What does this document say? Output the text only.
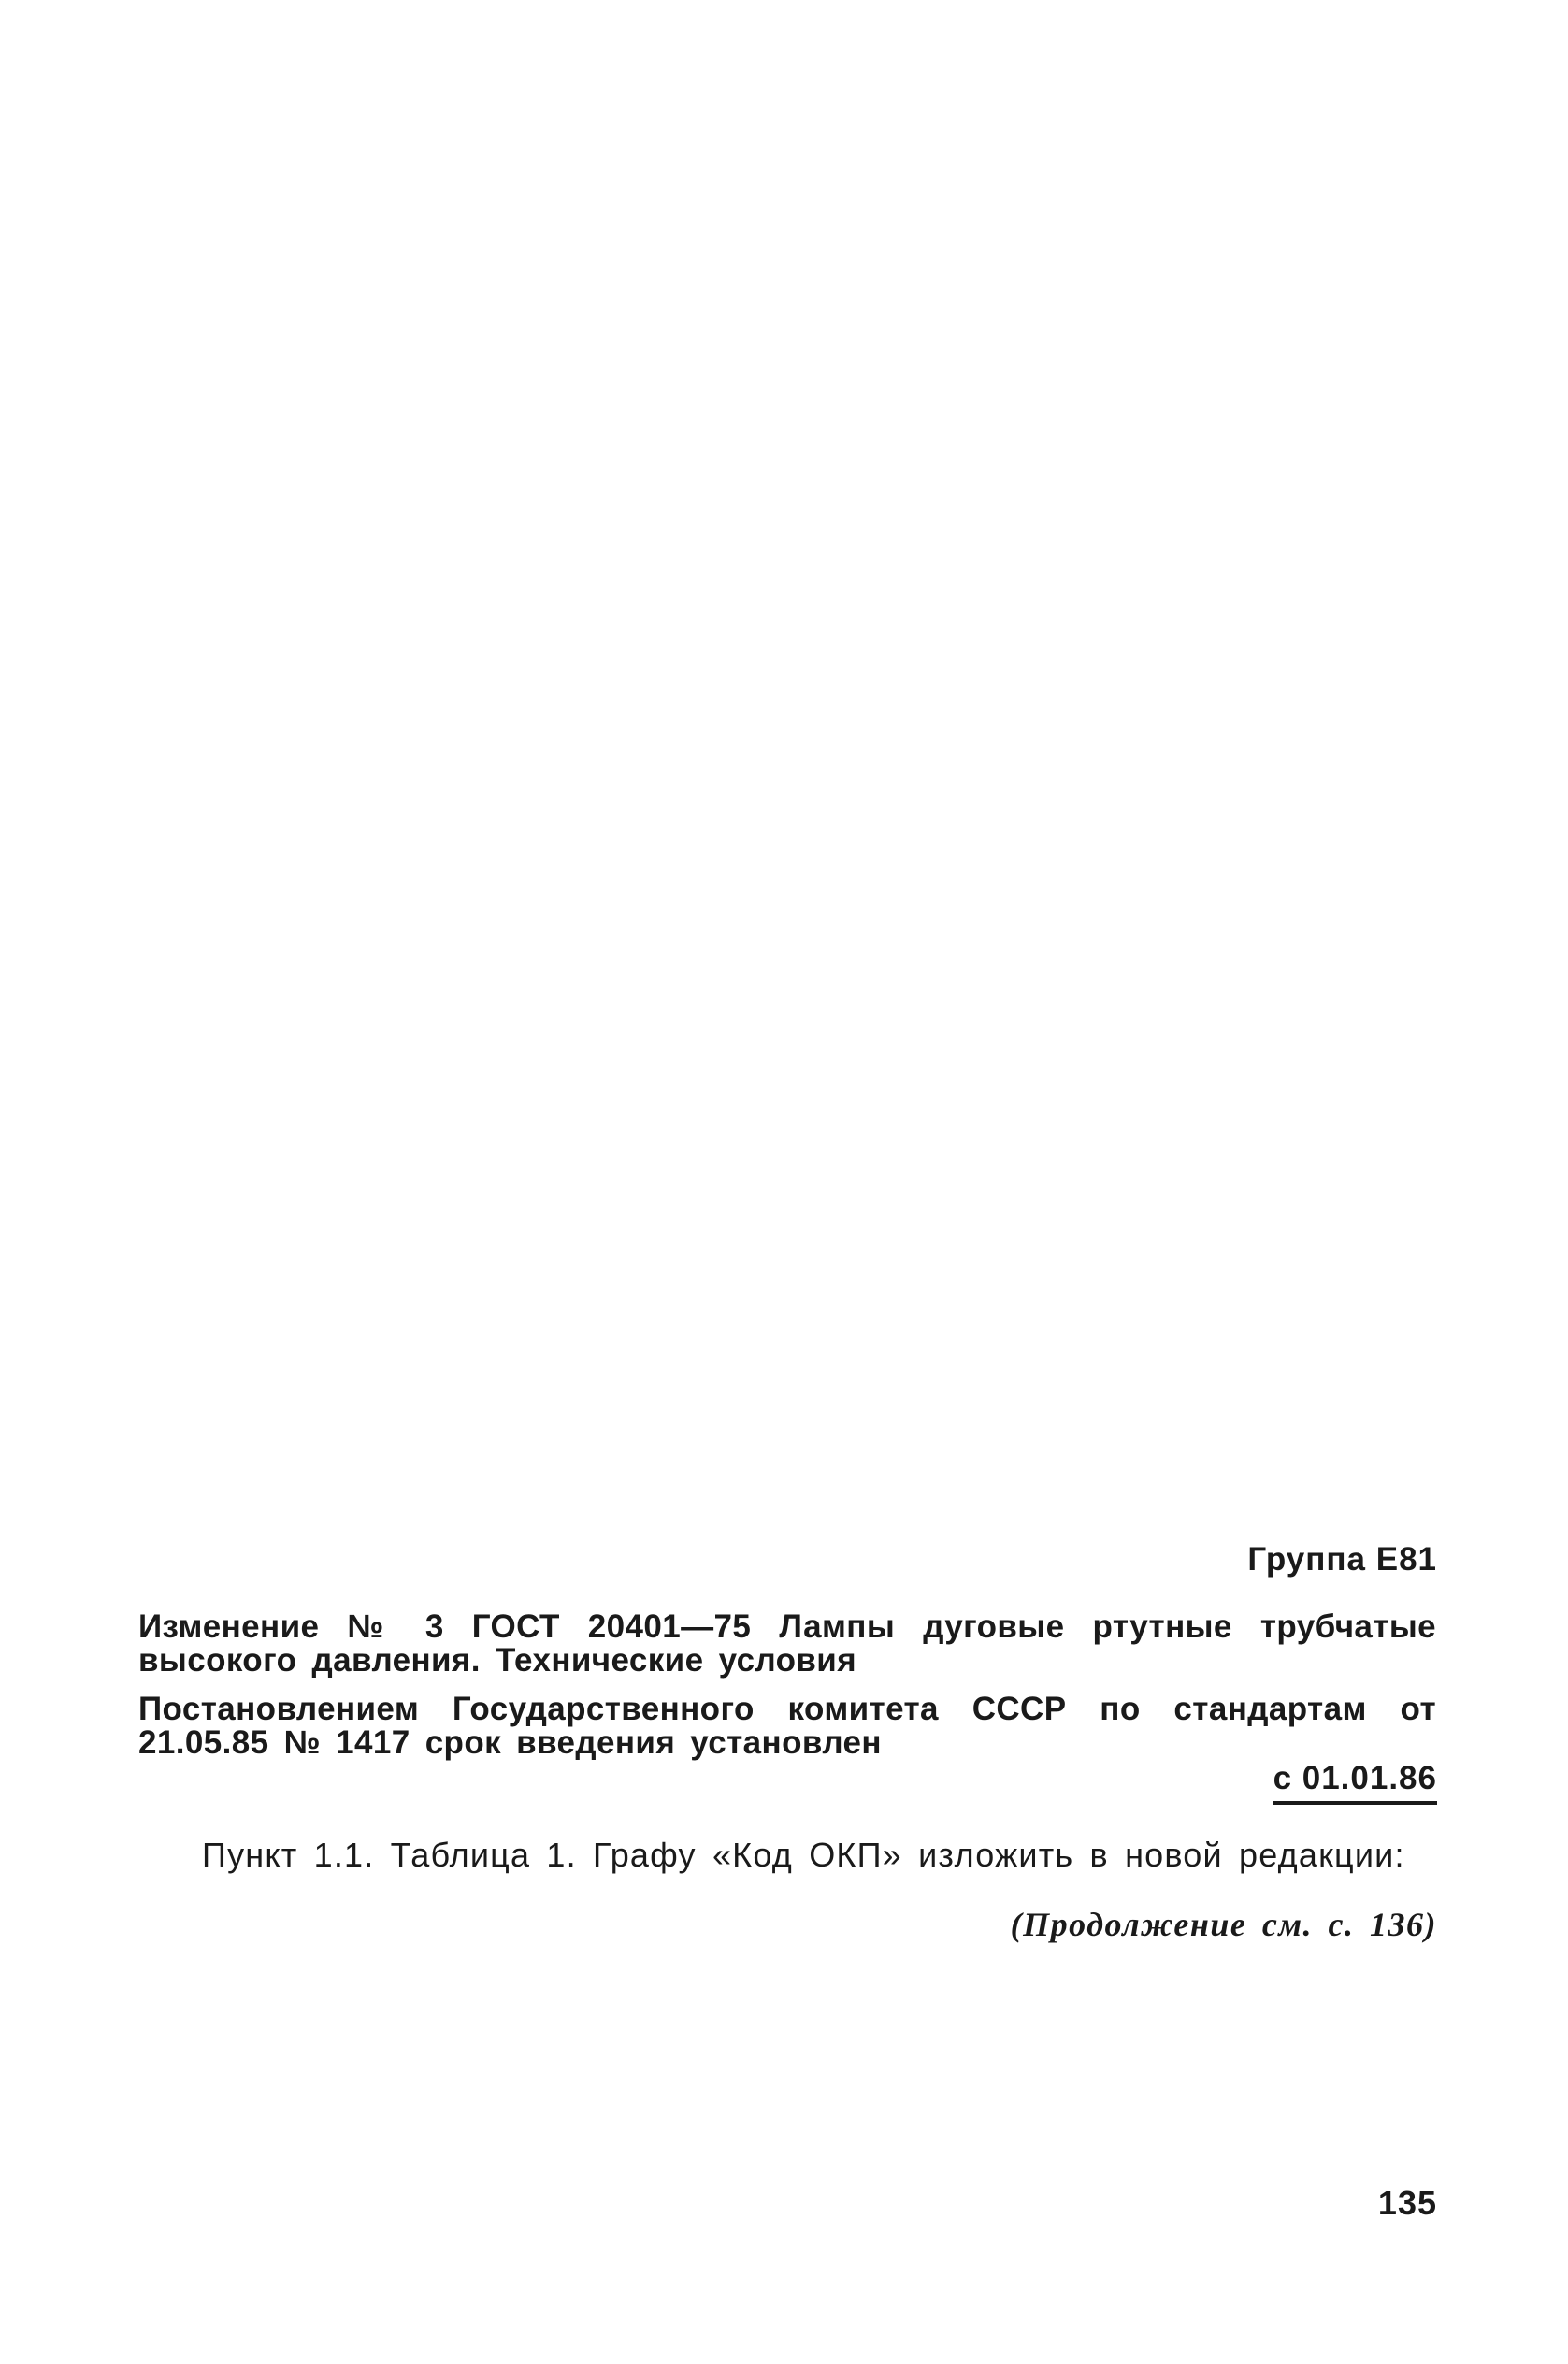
Группа Е81
Изменение № 3 ГОСТ 20401—75 Лампы дуговые ртутные трубчатые высокого давления. Технические условия
Постановлением Государственного комитета СССР по стандартам от 21.05.85 № 1417 срок введения установлен
с 01.01.86
Пункт 1.1. Таблица 1. Графу «Код ОКП» изложить в новой редакции:
(Продолжение см. с. 136)
135
